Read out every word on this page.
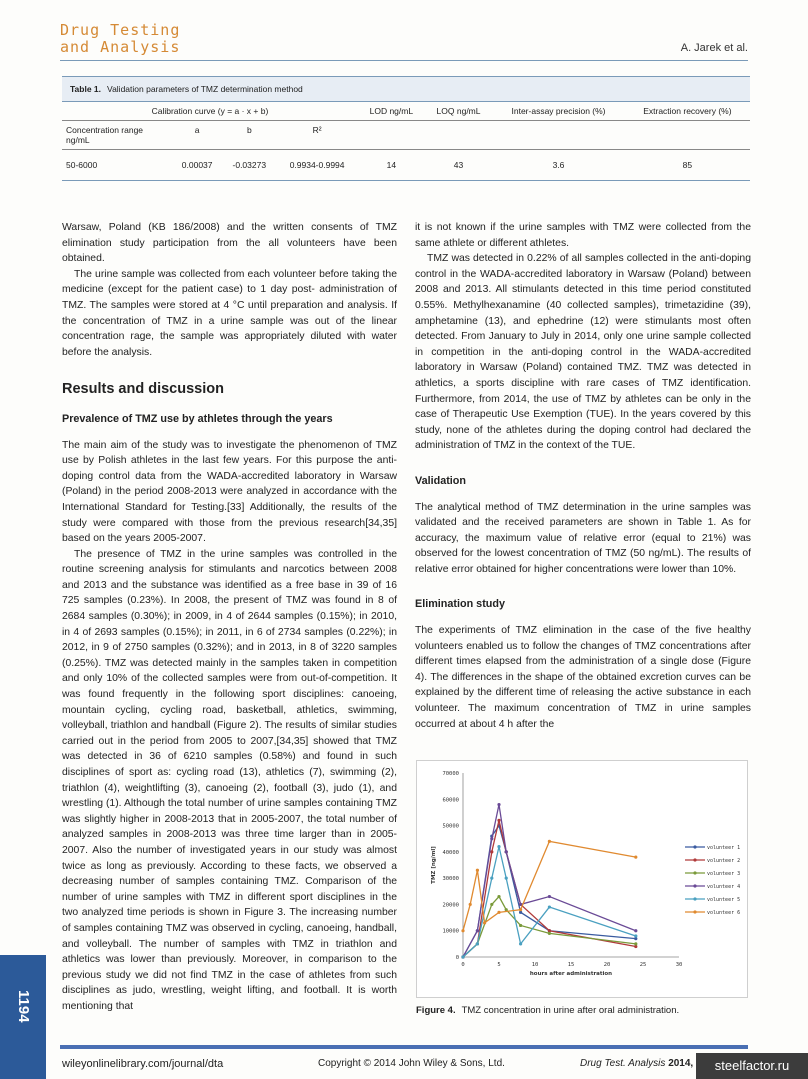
Drug Testing
and Analysis	A. Jarek et al.
Table 1. Validation parameters of TMZ determination method
Calibration curve (y = a · x + b)				LOD ng/mL	LOQ ng/mL	Inter-assay precision (%)	Extraction recovery (%)
Concentration range ng/mL	a	b	R²				
50-6000	0.00037	-0.03273	0.9934-0.9994	14	43	3.6	85

Warsaw, Poland (KB 186/2008) and the written consents of TMZ elimination study participation from the all volunteers have been obtained.

The urine sample was collected from each volunteer before taking the medicine (except for the patient case) to 1 day post- administration of TMZ. The samples were stored at 4 °C until preparation and analysis. If the concentration of TMZ in a urine sample was out of the linear concentration rage, the sample was appropriately diluted with water before the analysis.

Results and discussion
Prevalence of TMZ use by athletes through the years

The main aim of the study was to investigate the phenomenon of TMZ use by Polish athletes in the last few years. For this purpose the anti-doping control data from the WADA-accredited laboratory in Warsaw (Poland) in the period 2008-2013 were analyzed in accordance with the International Standard for Testing.[33] Additionally, the results of the study were compared with those from the previous research[34,35] based on the years 2005-2007.

The presence of TMZ in the urine samples was controlled in the routine screening analysis for stimulants and narcotics between 2008 and 2013 and the substance was identified as a free base in 39 of 16 725 samples (0.23%). In 2008, the present of TMZ was found in 8 of 2684 samples (0.30%); in 2009, in 4 of 2644 samples (0.15%); in 2010, in 4 of 2693 samples (0.15%); in 2011, in 6 of 2734 samples (0.22%); in 2012, in 9 of 2750 samples (0.32%); and in 2013, in 8 of 3220 samples (0.25%). TMZ was detected mainly in the samples taken in competition and only 10% of the collected samples were from out-of-competition. It was found frequently in the following sport disciplines: canoeing, mountain cycling, cycling road, basketball, athletics, swimming, volleyball, triathlon and handball (Figure 2). The results of similar studies carried out in the period from 2005 to 2007,[34,35] showed that TMZ was detected in 36 of 6210 samples (0.58%) and found in such disciplines of sport as: cycling road (13), athletics (7), swimming (2), triathlon (4), weightlifting (3), canoeing (2), football (3), judo (1), and wrestling (1). Although the total number of urine samples containing TMZ was slightly higher in 2008-2013 that in 2005-2007, the total number of analyzed samples in 2008-2013 was three time larger than in 2005-2007. Also the number of investigated years in our study was almost twice as long as previously. According to these facts, we observed a decreasing number of samples containing TMZ. Comparison of the number of urine samples with TMZ in different sport disciplines in the two analyzed time periods is shown in Figure 3. The increasing number of samples containing TMZ was observed in cycling, canoeing, handball, and volleyball. The number of samples with TMZ in triathlon and athletics was lower than previously. Moreover, in comparison to the previous study we did not find TMZ in the case of athletes from such disciplines as judo, wrestling, weight lifting, and football. It is worth mentioning that

it is not known if the urine samples with TMZ were collected from the same athlete or different athletes.

TMZ was detected in 0.22% of all samples collected in the anti-doping control in the WADA-accredited laboratory in Warsaw (Poland) between 2008 and 2013. All stimulants detected in this time period constituted 0.55%. Methylhexanamine (40 collected samples), trimetazidine (39), amphetamine (13), and ephedrine (12) were stimulants most often detected. From January to July in 2014, only one urine sample collected in competition in the anti-doping control in the WADA-accredited laboratory in Warsaw (Poland) contained TMZ. TMZ was detected in athletics, a sports discipline with rare cases of TMZ identification. Furthermore, from 2014, the use of TMZ by athletes can be only in the case of Therapeutic Use Exemption (TUE). In the years covered by this study, none of the athletes during the doping control had declared the administration of TMZ in the context of the TUE.

Validation

The analytical method of TMZ determination in the urine samples was validated and the received parameters are shown in Table 1. As for accuracy, the maximum value of relative error (equal to 21%) was observed for the lowest concentration of TMZ (50 ng/mL). The results of relative error obtained for higher concentrations were lower than 10%.

Elimination study

The experiments of TMZ elimination in the case of the five healthy volunteers enabled us to follow the changes of TMZ concentrations after different times elapsed from the administration of a single dose (Figure 4). The differences in the shape of the obtained excretion curves can be explained by the different time of releasing the active substance in each volunteer. The maximum concentration of TMZ in urine samples occurred at about 4 h after the

0
10000
20000
30000
40000
50000
60000
70000
0	5	10	15	20	25	30
hours after administration
TMZ [ng/ml]	volunteer 1
volunteer 2
volunteer 3
volunteer 4
volunteer 5
volunteer 6
Figure 4. TMZ concentration in urine after oral administration.
wileyonlinelibrary.com/journal/dta	Copyright © 2014 John Wiley & Sons, Ltd.	Drug Test. Analysis 2014,
1194
steelfactor.ru
